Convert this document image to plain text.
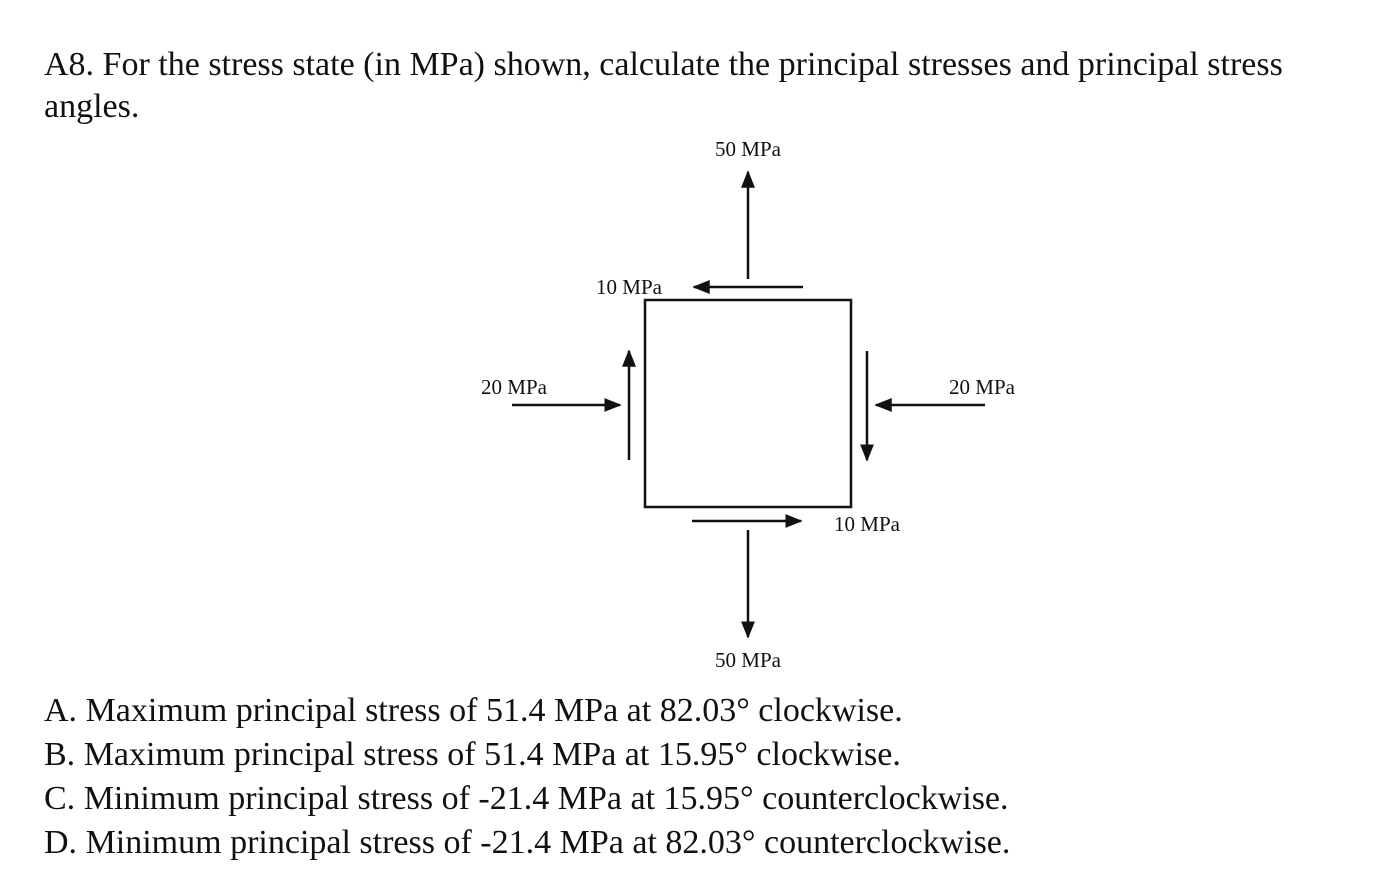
A8. For the stress state (in MPa) shown, calculate the principal stresses and principal stress angles.

50 MPa
50 MPa
20 MPa	20 MPa
10 MPa
10 MPa
A. Maximum principal stress of 51.4 MPa at 82.03° clockwise.
B. Maximum principal stress of 51.4 MPa at 15.95° clockwise.
C. Minimum principal stress of -21.4 MPa at 15.95° counterclockwise.
D. Minimum principal stress of -21.4 MPa at 82.03° counterclockwise.
